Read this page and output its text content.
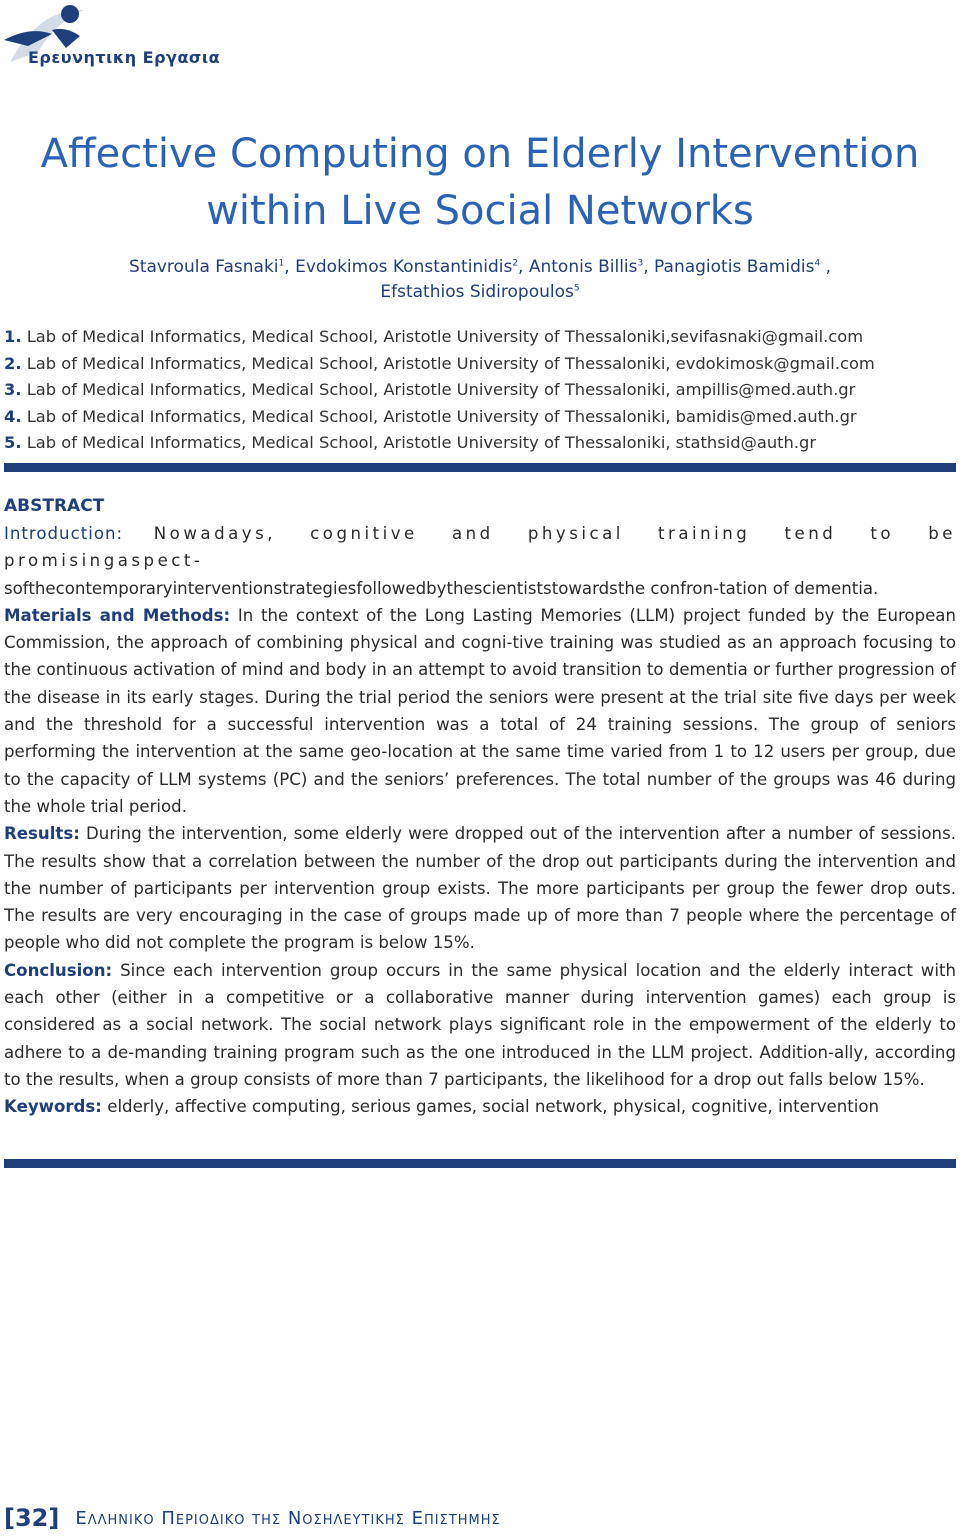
Ερευνητικη Εργασια

Affective Computing on Elderly Intervention
within Live Social Networks

Stavroula Fasnaki$^1$, Evdokimos Konstantinidis$^2$, Antonis Billis$^3$, Panagiotis Bamidis$^4$ ,
Efstathios Sidiropoulos$^5$

1. Lab of Medical Informatics, Medical School, Aristotle University of Thessaloniki,sevifasnaki@gmail.com
2. Lab of Medical Informatics, Medical School, Aristotle University of Thessaloniki, evdokimosk@gmail.com
3. Lab of Medical Informatics, Medical School, Aristotle University of Thessaloniki, ampillis@med.auth.gr
4. Lab of Medical Informatics, Medical School, Aristotle University of Thessaloniki, bamidis@med.auth.gr
5. Lab of Medical Informatics, Medical School, Aristotle University of Thessaloniki, stathsid@auth.gr
ABSTRACT

Introduction: Nowadays, cognitive and physical training tend to be promisingaspect-
softhecontemporaryinterventionstrategiesfollowedbythescientiststowardsthe confron-tation of dementia.

Materials and Methods: In the context of the Long Lasting Memories (LLM) project funded by the European Commission, the approach of combining physical and cogni-tive training was studied as an approach focusing to the continuous activation of mind and body in an attempt to avoid transition to dementia or further progression of the disease in its early stages. During the trial period the seniors were present at the trial site five days per week and the threshold for a successful intervention was a total of 24 training sessions. The group of seniors performing the intervention at the same geo-location at the same time varied from 1 to 12 users per group, due to the capacity of LLM systems (PC) and the seniors’ preferences. The total number of the groups was 46 during the whole trial period.

Results: During the intervention, some elderly were dropped out of the intervention after a number of sessions. The results show that a correlation between the number of the drop out participants during the intervention and the number of participants per intervention group exists. The more participants per group the fewer drop outs. The results are very encouraging in the case of groups made up of more than 7 people where the percentage of people who did not complete the program is below 15%.

Conclusion: Since each intervention group occurs in the same physical location and the elderly interact with each other (either in a competitive or a collaborative manner during intervention games) each group is considered as a social network. The social network plays significant role in the empowerment of the elderly to adhere to a de-manding training program such as the one introduced in the LLM project. Addition-ally, according to the results, when a group consists of more than 7 participants, the likelihood for a drop out falls below 15%.

Keywords: elderly, affective computing, serious games, social network, physical, cognitive, intervention

[32] Ελληνικο Περιοδικο της Νοσηλευτικης Επιστημης
